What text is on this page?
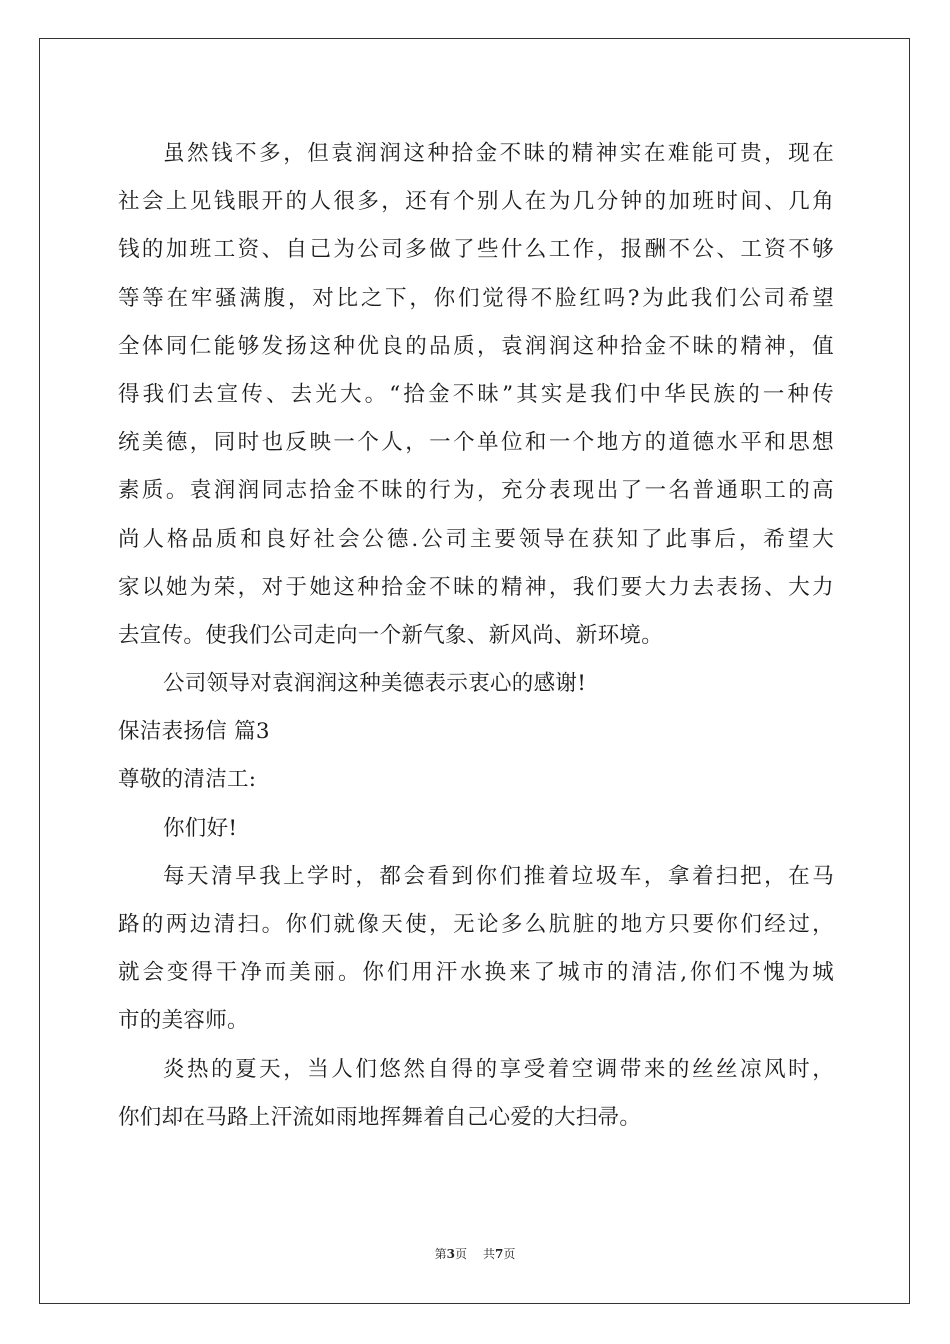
虽然钱不多，但袁润润这种拾金不昧的精神实在难能可贵，现在
社会上见钱眼开的人很多，还有个别人在为几分钟的加班时间、几角
钱的加班工资、自己为公司多做了些什么工作，报酬不公、工资不够
等等在牢骚满腹，对比之下，你们觉得不脸红吗?为此我们公司希望
全体同仁能够发扬这种优良的品质，袁润润这种拾金不昧的精神，值
得我们去宣传、去光大。“拾金不昧”其实是我们中华民族的一种传
统美德，同时也反映一个人，一个单位和一个地方的道德水平和思想
素质。袁润润同志拾金不昧的行为，充分表现出了一名普通职工的高
尚人格品质和良好社会公德.公司主要领导在获知了此事后，希望大
家以她为荣，对于她这种拾金不昧的精神，我们要大力去表扬、大力
去宣传。使我们公司走向一个新气象、新风尚、新环境。
公司领导对袁润润这种美德表示衷心的感谢!
保洁表扬信 篇3
尊敬的清洁工:
你们好!
每天清早我上学时，都会看到你们推着垃圾车，拿着扫把，在马
路的两边清扫。你们就像天使，无论多么肮脏的地方只要你们经过，
就会变得干净而美丽。你们用汗水换来了城市的清洁,你们不愧为城
市的美容师。
炎热的夏天，当人们悠然自得的享受着空调带来的丝丝凉风时，
你们却在马路上汗流如雨地挥舞着自己心爱的大扫帚。
第3页 共7页
